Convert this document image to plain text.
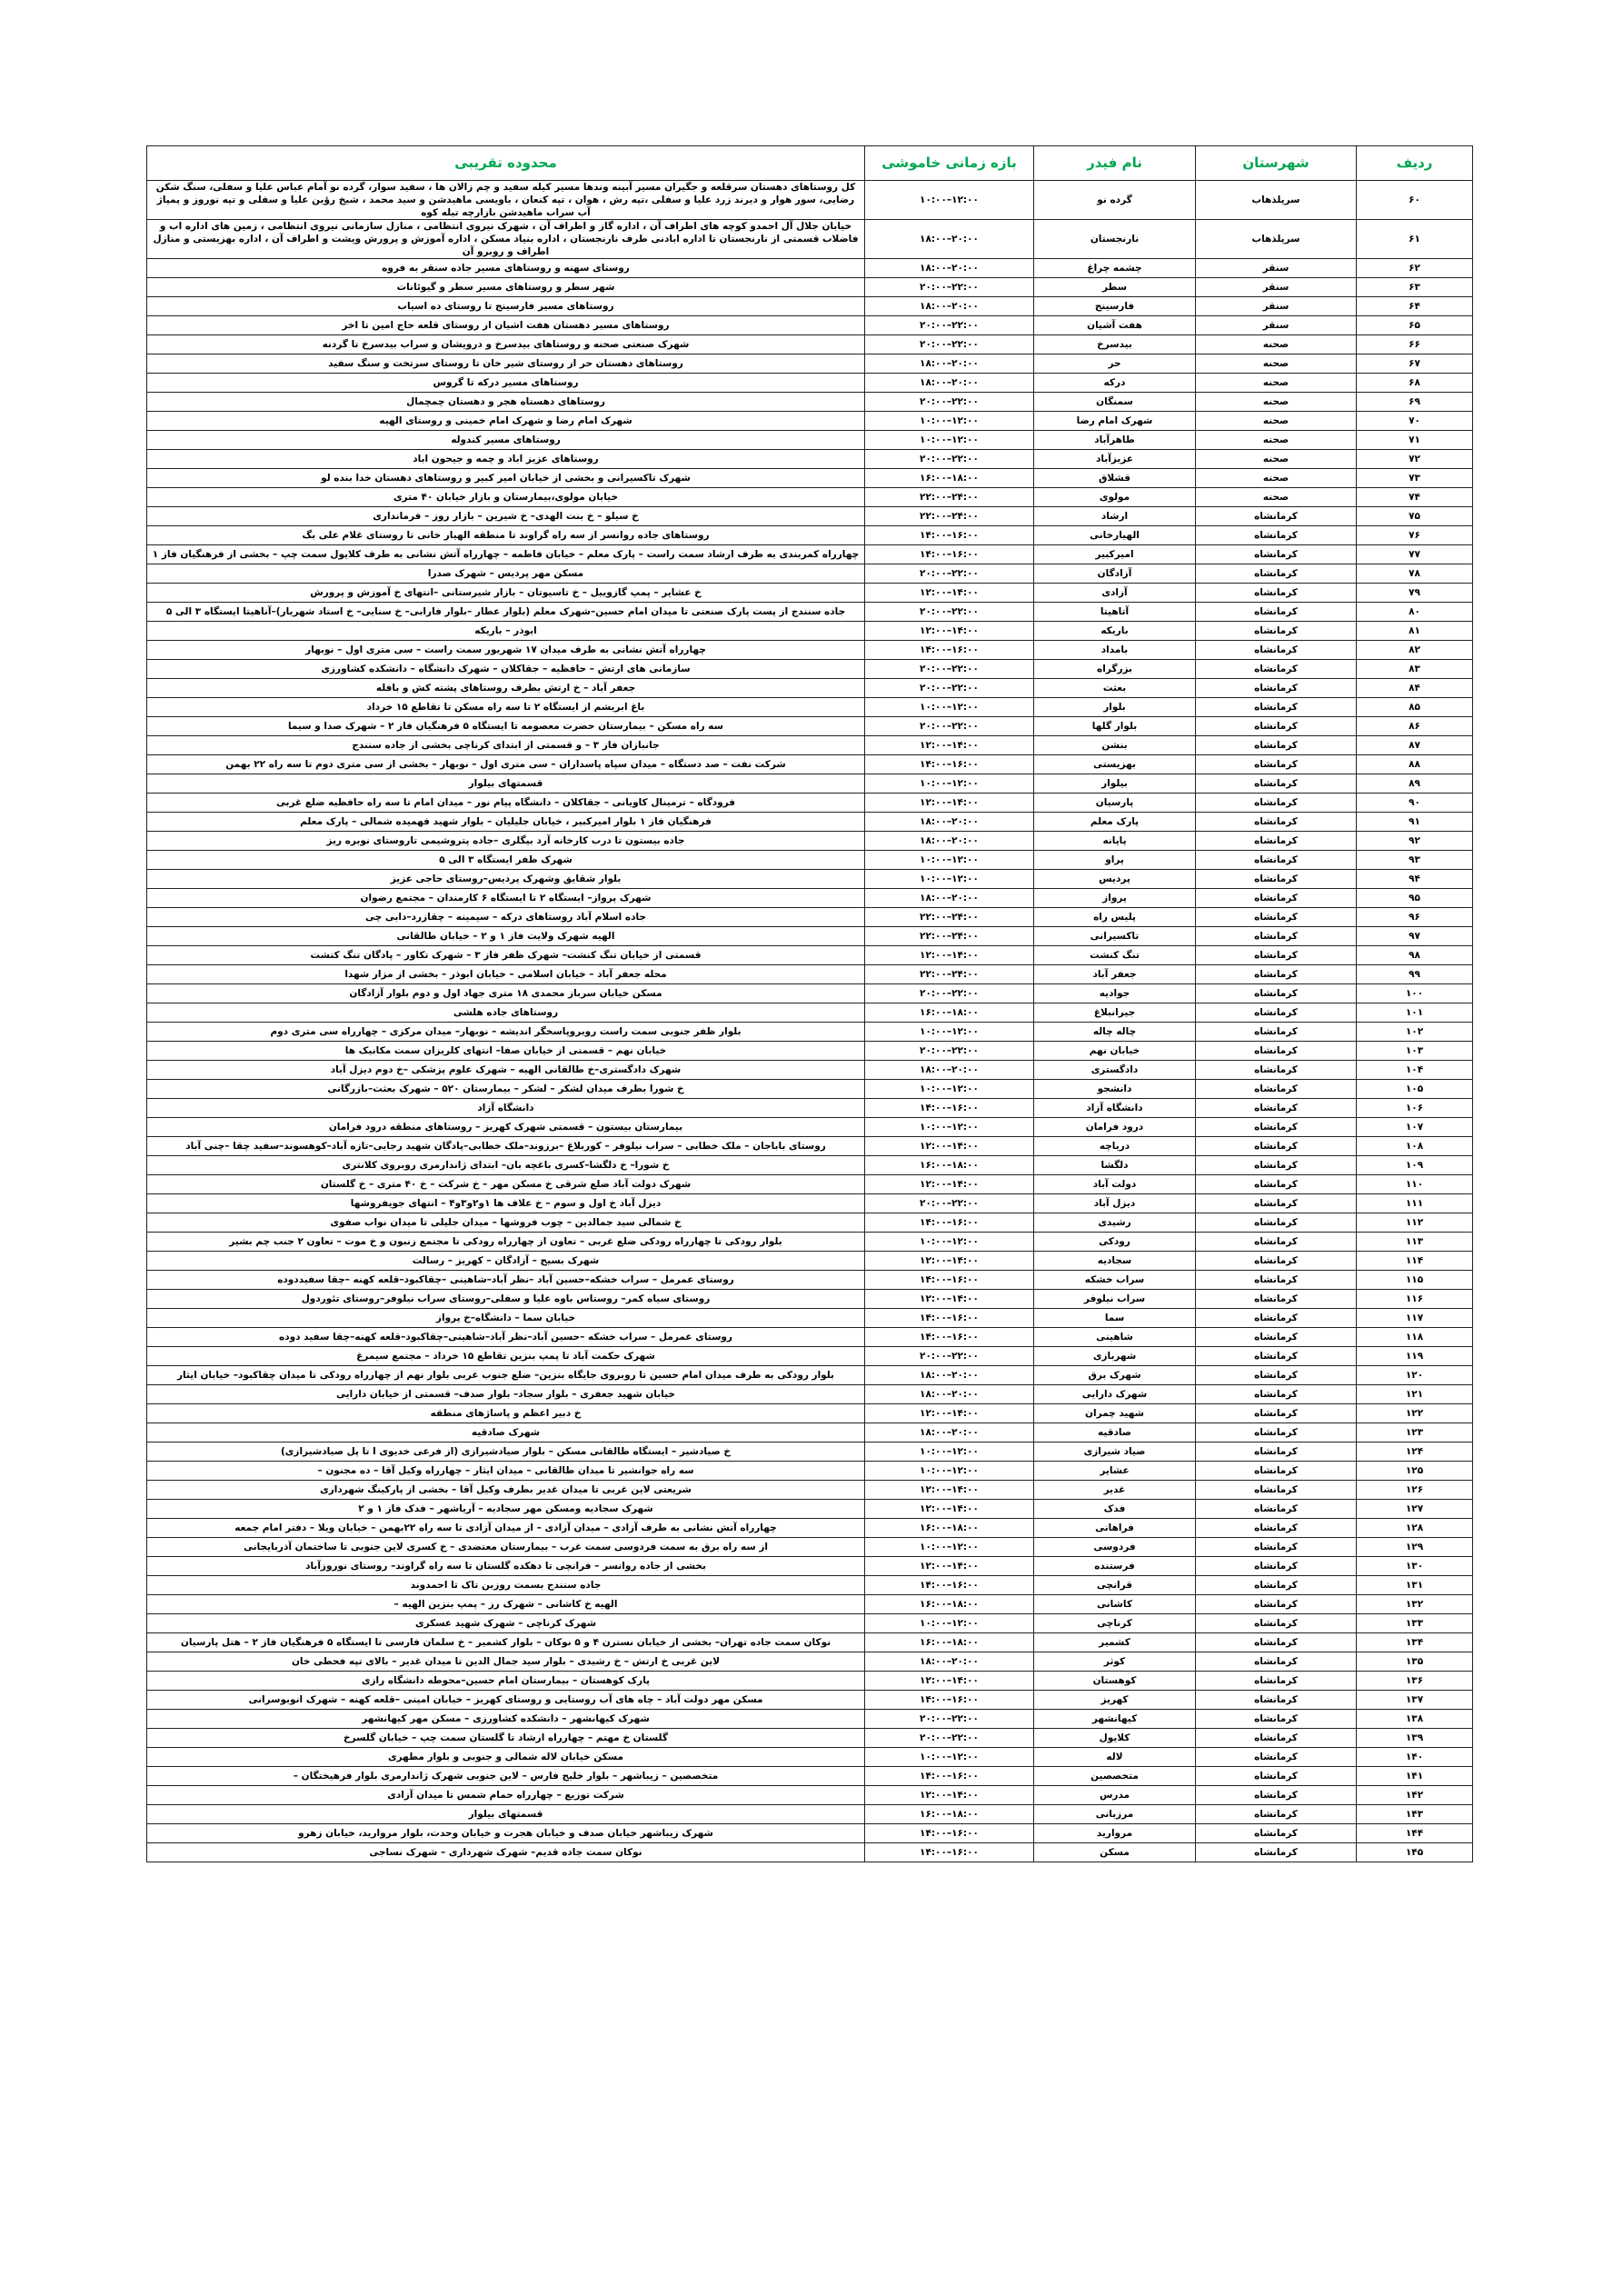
ردیف	شهرستان	نام فیدر	بازه زمانی خاموشی	محدوده تقریبی
۶۰	سرپلذهاب	گرده نو	۱۰:۰۰–۱۲:۰۰	کل روستاهای دهستان سرقلعه و جگیران مسیر آبینه وندها مسیر کیله سفید و چم زالان ها ، سفید سوار، گرده نو آمام عباس علیا و سفلی، سنگ شکن رضایی، سور هوار و دیرند زرد علیا و سفلی ،تپه رش ، هوان ، تپه کنعان ، باویسی ماهیدشن و سید محمد ، شیخ رؤین علیا و سفلی و تپه نوروز و پمپاژ آب سراب ماهیدشن بازارچه تیله کوه
۶۱	سرپلذهاب	نارنجستان	۱۸:۰۰–۲۰:۰۰	خیابان جلال آل احمدو کوچه های اطراف آن ، اداره گاز و اطراف آن ، شهرک نیروی انتظامی ، منازل سازمانی نیروی انتظامی ، زمین های اداره اب و فاضلاب قسمتی از نارنجستان تا اداره ابادنی طرف نارنجستان ، اداره بنیاد مسکن ، اداره آموزش و پرورش ویشت و اطراف آن ، اداره بهزیستی و منازل اطراف و روبرو آن
۶۲	سنقر	چشمه چراغ	۱۸:۰۰–۲۰:۰۰	روستای سهنه و روستاهای مسیر جاده سنقر به فروه
۶۳	سنقر	سطر	۲۰:۰۰–۲۲:۰۰	شهر سطر و روستاهای مسیر سطر و گیوئانات
۶۴	سنقر	فارسینج	۱۸:۰۰–۲۰:۰۰	روستاهای مسیر فارسینج تا روستای ده اسیاب
۶۵	سنقر	هفت آشیان	۲۰:۰۰–۲۲:۰۰	روستاهای مسیر دهستان هفت اشیان از روستای قلعه حاج امین تا اخر
۶۶	صحنه	بیدسرخ	۲۰:۰۰–۲۲:۰۰	شهرک صنعتی صحنه و روستاهای بیدسرخ و درویشان و سراب بیدسرخ تا گردنه
۶۷	صحنه	حر	۱۸:۰۰–۲۰:۰۰	روستاهای دهستان حر از روستای شیر خان تا روستای سرتخت و سنگ سفید
۶۸	صحنه	درکه	۱۸:۰۰–۲۰:۰۰	روستاهای مسیر درکه تا گروس
۶۹	صحنه	سمنگان	۲۰:۰۰–۲۲:۰۰	روستاهای دهستاه هجر و دهستان چمچمال
۷۰	صحنه	شهرک امام رضا	۱۰:۰۰–۱۲:۰۰	شهرک امام رضا و شهرک امام خمینی و روستای الهیه
۷۱	صحنه	طاهرآباد	۱۰:۰۰–۱۲:۰۰	روستاهای مسیر کندوله
۷۲	صحنه	عزیزآباد	۲۰:۰۰–۲۲:۰۰	روستاهای عزیز اباد و چمه و جیحون اباد
۷۳	صحنه	قشلاق	۱۶:۰۰–۱۸:۰۰	شهرک تاکسیرانی و بخشی از خیابان امیر کبیر و روستاهای دهستان خدا بنده لو
۷۴	صحنه	مولوی	۲۲:۰۰–۲۴:۰۰	خیابان مولوی،بیمارستان و بازار خیابان ۴۰ متری
۷۵	کرمانشاه	ارشاد	۲۲:۰۰–۲۴:۰۰	خ سیلو – خ بنت الهدی– خ شیرین – بازار روز – فرمانداری
۷۶	کرمانشاه	الهیارخانی	۱۴:۰۰–۱۶:۰۰	روستاهای جاده روانسر از سه راه گراوند تا منطقه الهیار خانی تا روستای غلام علی بگ
۷۷	کرمانشاه	امیرکبیر	۱۴:۰۰–۱۶:۰۰	چهارراه کمربندی به طرف ارشاد سمت راست – پارک معلم – خیابان فاطمه – چهارراه آتش نشانی به طرف کلایول سمت چپ – بخشی از فرهنگیان فاز ۱
۷۸	کرمانشاه	آزادگان	۲۰:۰۰–۲۲:۰۰	مسکن مهر پردیس – شهرک صدرا
۷۹	کرمانشاه	آزادی	۱۲:۰۰–۱۴:۰۰	خ عشایر – پمپ گازوییل – خ تاسیوتان – بازار شیرستانی –انتهای خ آموزش و پرورش
۸۰	کرمانشاه	آتاهیتا	۲۰:۰۰–۲۲:۰۰	جاده سنندج از پست پارک صنعتی تا میدان امام حسین–شهرک معلم (بلوار عطار –بلوار فارابی– خ سنایی– خ استاد شهریار)–آناهیتا ایستگاه ۳ الی ۵
۸۱	کرمانشاه	باریکه	۱۲:۰۰–۱۴:۰۰	ابوذر – باریکه
۸۲	کرمانشاه	بامداد	۱۴:۰۰–۱۶:۰۰	چهارراه آتش نشانی به طرف میدان ۱۷ شهریور سمت راست – سی متری اول – نوبهار
۸۳	کرمانشاه	بزرگراه	۲۰:۰۰–۲۲:۰۰	سازمانی های ارتش – حافظیه – جقاکلان – شهرک دانشگاه – دانشکده کشاورزی
۸۴	کرمانشاه	بعثت	۲۰:۰۰–۲۲:۰۰	جعفر آباد – خ ارتش بطرف روستاهای پشته کش و بافله
۸۵	کرمانشاه	بلوار	۱۰:۰۰–۱۲:۰۰	باغ ابریشم از ایستگاه ۲ تا سه راه مسکن تا تقاطع ۱۵ خرداد
۸۶	کرمانشاه	بلوار گلها	۲۰:۰۰–۲۲:۰۰	سه راه مسکن – بیمارستان حضرت معصومه تا ایستگاه ۵ فرهنگیان فاز ۲ – شهرک صدا و سیما
۸۷	کرمانشاه	بنشن	۱۲:۰۰–۱۴:۰۰	جانبازان فاز ۳ – و قسمتی از ابتدای کرناچی بخشی از جاده سنندج
۸۸	کرمانشاه	بهزیستی	۱۴:۰۰–۱۶:۰۰	شرکت نفت – صد دستگاه – میدان سپاه پاسداران – سی متری اول – نوبهار – بخشی از سی متری دوم تا سه راه ۲۲ بهمن
۸۹	کرمانشاه	بیلوار	۱۰:۰۰–۱۲:۰۰	قسمتهای بیلوار
۹۰	کرمانشاه	پارسیان	۱۲:۰۰–۱۴:۰۰	فرودگاه – ترمینال کاویانی – جقاکلان – دانشگاه پیام نور – میدان امام تا سه راه حافظیه ضلع غربی
۹۱	کرمانشاه	پارک معلم	۱۸:۰۰–۲۰:۰۰	فرهنگیان فاز ۱ بلوار امیرکبیر ، خیابان جلیلیان – بلوار شهید فهمیده شمالی – پارک معلم
۹۲	کرمانشاه	پاپانه	۱۸:۰۰–۲۰:۰۰	جاده بیستون تا درب کارخانه آرد بیگلری –جاده پتروشیمی تاروستای نوبره ریز
۹۳	کرمانشاه	پراو	۱۰:۰۰–۱۲:۰۰	شهرک ظفر ایستگاه ۳ الی ۵
۹۴	کرمانشاه	پردیس	۱۰:۰۰–۱۲:۰۰	بلوار شقایق وشهرک پردیس–روستای حاجی عزیز
۹۵	کرمانشاه	پرواز	۱۸:۰۰–۲۰:۰۰	شهرک پرواز– ایستگاه ۲ تا ایستگاه ۶ کارمندان – مجتمع رضوان
۹۶	کرمانشاه	پلیس راه	۲۲:۰۰–۲۴:۰۰	جاده اسلام آباد روستاهای درکه – سیمینه – چقازرد–دابی چی
۹۷	کرمانشاه	تاکسیرانی	۲۲:۰۰–۲۴:۰۰	الهیه شهرک ولایت فاز ۱ و ۲ – خیابان طالقانی
۹۸	کرمانشاه	تنگ کنشت	۱۲:۰۰–۱۴:۰۰	قسمتی از خیابان تنگ کنشت– شهرک ظفر فاز ۳ – شهرک تکاور – پادگان تنگ کنشت
۹۹	کرمانشاه	جعفر آباد	۲۲:۰۰–۲۴:۰۰	محله جعفر آباد – خیابان اسلامی – خیابان ابوذر – بخشی از مزار شهدا
۱۰۰	کرمانشاه	جوادیه	۲۰:۰۰–۲۲:۰۰	مسکن خیابان سرباز محمدی ۱۸ متری جهاد اول و دوم بلوار آزادگان
۱۰۱	کرمانشاه	جیرانبلاغ	۱۶:۰۰–۱۸:۰۰	روستاهای جاده هلشی
۱۰۲	کرمانشاه	چاله چاله	۱۰:۰۰–۱۲:۰۰	بلوار ظفر جنوبی سمت راست روبروپاسخگر اندیشه – نوبهار– میدان مرکزی – چهارراه سی متری دوم
۱۰۳	کرمانشاه	خیابان نهم	۲۰:۰۰–۲۲:۰۰	خیابان نهم – قسمتی از خیابان صفا– انتهای کلریزان سمت مکانیک ها
۱۰۴	کرمانشاه	دادگستری	۱۸:۰۰–۲۰:۰۰	شهرک دادگستری–خ طالقانی الهیه – شهرک علوم پزشکی –خ دوم دیزل آباد
۱۰۵	کرمانشاه	دانشجو	۱۰:۰۰–۱۲:۰۰	خ شورا بطرف میدان لشکر – لشکر – بیمارستان ۵۲۰ – شهرک بعثت–بازرگانی
۱۰۶	کرمانشاه	دانشگاه آزاد	۱۴:۰۰–۱۶:۰۰	دانشگاه آزاد
۱۰۷	کرمانشاه	درود فرامان	۱۰:۰۰–۱۲:۰۰	بیمارستان بیستون – قسمتی شهرک کهریز – روستاهای منطقه درود فرامان
۱۰۸	کرمانشاه	دریاچه	۱۲:۰۰–۱۴:۰۰	روستای باباجان – ملک خطابی – سراب نیلوفر – کوربلاغ –برزوند–ملک خطابی–پادگان شهید رجایی–تازه آباد–کوهسوند–سفید چقا –چنی آباد
۱۰۹	کرمانشاه	دلگشا	۱۶:۰۰–۱۸:۰۰	خ شورا– خ دلگشا–کسری باغچه بان– ابتدای ژاندارمری روبروی کلانتری
۱۱۰	کرمانشاه	دولت آباد	۱۲:۰۰–۱۴:۰۰	شهرک دولت آباد ضلع شرقی خ مسکن مهر – خ شرکت – خ ۴۰ متری – خ گلستان
۱۱۱	کرمانشاه	دیزل آباد	۲۰:۰۰–۲۲:۰۰	دیزل آباد خ اول و سوم – خ علاف ها ۱و۲و۳و۴ – انتهای جویفروشها
۱۱۲	کرمانشاه	رشیدی	۱۴:۰۰–۱۶:۰۰	خ شمالی سید جمالدین – چوب فروشها – میدان جلیلی تا میدان نواب صفوی
۱۱۳	کرمانشاه	رودکی	۱۰:۰۰–۱۲:۰۰	بلوار رودکی تا چهارراه رودکی ضلع غربی – تعاون از چهارراه رودکی تا مجتمع زنبون و خ موت – تعاون ۲ جنب چم بشیر
۱۱۴	کرمانشاه	سجادیه	۱۲:۰۰–۱۴:۰۰	شهرک بسیج – آزادگان – کهریز – رسالت
۱۱۵	کرمانشاه	سراب خشکه	۱۴:۰۰–۱۶:۰۰	روستای عمرمل – سراب خشکه–حسین آباد –نظر آباد–شاهینی –چقاکبود–قلعه کهنه –چقا سفیددوده
۱۱۶	کرمانشاه	سراب نیلوفر	۱۲:۰۰–۱۴:۰۰	روستای سیاه کمر– روستاس باوه علیا و سفلی–روستای سراب نیلوفر–روستای تئوردول
۱۱۷	کرمانشاه	سما	۱۴:۰۰–۱۶:۰۰	خیابان سما – دانشگاه–خ پرواز
۱۱۸	کرمانشاه	شاهینی	۱۴:۰۰–۱۶:۰۰	روستای عمرمل – سراب خشکه –حسین آباد–نظر آباد–شاهینی–چقاکبود–قلعه کهنه–چقا سفید دوده
۱۱۹	کرمانشاه	شهربازی	۲۰:۰۰–۲۲:۰۰	شهرک حکمت آباد تا پمپ بنزین تقاطع ۱۵ خرداد – مجتمع سیمرغ
۱۲۰	کرمانشاه	شهرک برق	۱۸:۰۰–۲۰:۰۰	بلوار رودکی به طرف میدان امام حسین تا روبروی جایگاه بنزین– ضلع جنوب غربی بلوار نهم از چهارراه رودکی تا میدان چقاکبود– خیابان ایثار
۱۲۱	کرمانشاه	شهرک دارایی	۱۸:۰۰–۲۰:۰۰	خیابان شهید جعفری – بلوار سجاد– بلوار صدف– قسمتی از خیابان دارایی
۱۲۲	کرمانشاه	شهید چمران	۱۲:۰۰–۱۴:۰۰	خ دبیر اعظم و پاساژهای منطقه
۱۲۳	کرمانشاه	صادقیه	۱۸:۰۰–۲۰:۰۰	شهرک صادقیه
۱۲۴	کرمانشاه	صیاد شیرازی	۱۰:۰۰–۱۲:۰۰	خ صیادشیر – ایستگاه طالقانی مسکن – بلوار صیادشیرازی (از فرعی خدیوی ا تا پل صیادشیرازی)
۱۲۵	کرمانشاه	عشایر	۱۰:۰۰–۱۲:۰۰	سه راه جوانشیر تا میدان طالقانی – میدان ایثار – چهارراه وکیل آقا – ده مجنون –
۱۲۶	کرمانشاه	غدیر	۱۲:۰۰–۱۴:۰۰	شریعتی لاین غربی تا میدان غدیر بطرف وکیل آقا – بخشی از پارکینگ شهرداری
۱۲۷	کرمانشاه	فدک	۱۲:۰۰–۱۴:۰۰	شهرک سجادیه ومسکن مهر سجادیه – آریاشهر – فدک فاز ۱ و ۲
۱۲۸	کرمانشاه	فراهانی	۱۶:۰۰–۱۸:۰۰	چهارراه آتش نشانی به طرف آزادی – میدان آزادی – از میدان آزادی تا سه راه ۲۲بهمن – خیابان ویلا – دفتر امام جمعه
۱۲۹	کرمانشاه	فردوسی	۱۰:۰۰–۱۲:۰۰	از سه راه برق به سمت فردوسی سمت غرب – بیمارستان معتضدی – خ کسری لاین جنوبی تا ساختمان آذربایجانی
۱۳۰	کرمانشاه	فرستنده	۱۲:۰۰–۱۴:۰۰	بخشی از جاده روانسر – فرانچی تا دهکده گلستان تا سه راه گراوند– روستای نوروزآباد
۱۳۱	کرمانشاه	قرانچی	۱۴:۰۰–۱۶:۰۰	جاده سنندج بسمت روزبن تاک تا احمدوند
۱۳۲	کرمانشاه	کاشانی	۱۶:۰۰–۱۸:۰۰	الهیه خ کاشانی – شهرک رز – پمپ بنزین الهیه –
۱۳۳	کرمانشاه	کرناچی	۱۰:۰۰–۱۲:۰۰	شهرک کرناچی – شهرک شهید عسکری
۱۳۴	کرمانشاه	کشمیر	۱۶:۰۰–۱۸:۰۰	نوکان سمت جاده تهران– بخشی از خیابان نسترن ۴ و ۵ نوکان – بلوار کشمیر – خ سلمان فارسی تا ایستگاه ۵ فرهنگیان فاز ۲ – هتل پارسیان
۱۳۵	کرمانشاه	کوثر	۱۸:۰۰–۲۰:۰۰	لاین غربی خ ارتش – خ رشیدی – بلوار سید جمال الدین تا میدان غدیر – بالای تپه فحطی خان
۱۳۶	کرمانشاه	کوهستان	۱۲:۰۰–۱۴:۰۰	پارک کوهستان – بیمارستان امام حسین–محوطه دانشگاه رازی
۱۳۷	کرمانشاه	کهریز	۱۴:۰۰–۱۶:۰۰	مسکن مهر دولت آباد – چاه های آب روستایی و روستای کهریز – خیابان امینی –قلعه کهنه – شهرک انوبوسرانی
۱۳۸	کرمانشاه	کیهانشهر	۲۰:۰۰–۲۲:۰۰	شهرک کیهانشهر – دانشکده کشاورزی – مسکن مهر کیهانشهر
۱۳۹	کرمانشاه	کلایول	۲۰:۰۰–۲۲:۰۰	گلستان خ مهتم – چهارراه ارشاد تا گلستان سمت چپ – خیابان گلسرخ
۱۴۰	کرمانشاه	لاله	۱۰:۰۰–۱۲:۰۰	مسکن خیابان لاله شمالی و جنوبی و بلوار مطهری
۱۴۱	کرمانشاه	متخصصین	۱۴:۰۰–۱۶:۰۰	متخصصین – زیباشهر – بلوار خلیج فارس – لاین جنوبی شهرک ژاندارمری بلوار فرهیختگان –
۱۴۲	کرمانشاه	مدرس	۱۲:۰۰–۱۴:۰۰	شرکت توزیع – چهارراه حمام شمس تا میدان آزادی
۱۴۳	کرمانشاه	مرزبانی	۱۶:۰۰–۱۸:۰۰	قسمتهای بیلوار
۱۴۴	کرمانشاه	مروارید	۱۴:۰۰–۱۶:۰۰	شهرک زیباشهر خیابان صدف و خیابان هجرت و خیابان وحدت، بلوار مروارید، خیابان زهرو
۱۴۵	کرمانشاه	مسکن	۱۴:۰۰–۱۶:۰۰	نوکان سمت جاده قدیم– شهرک شهرداری – شهرک نساجی
